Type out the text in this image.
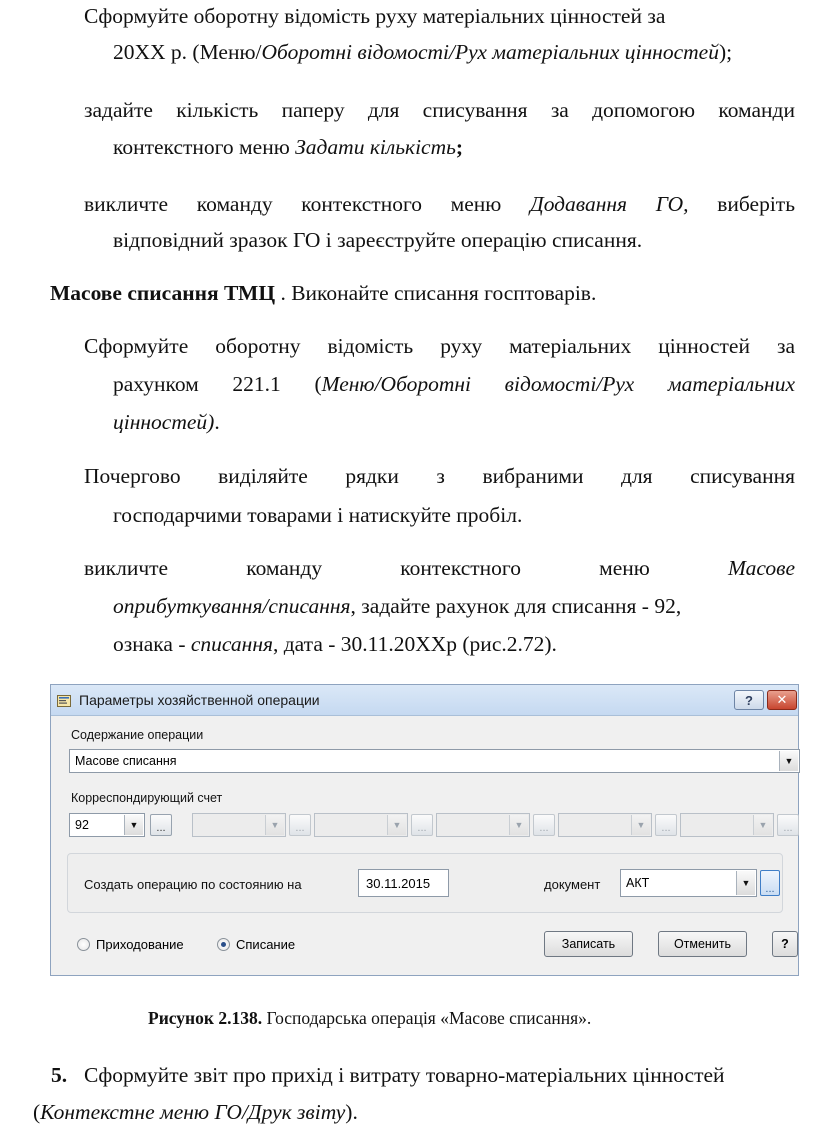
Сформуйте оборотну відомість руху матеріальних цінностей за
20ХХ р. (Меню/Оборотні відомості/Рух матеріальних цінностей);
задайте кількість паперу для списування за допомогою команди
контекстного меню Задати кількість;
викличте команду контекстного меню Додавання ГО, виберіть
відповідний зразок ГО і зареєструйте операцію списання.
Масове списання ТМЦ . Виконайте списання госптоварів.
Сформуйте оборотну відомість руху матеріальних цінностей за
рахунком 221.1 (Меню/Оборотні відомості/Рух матеріальних
цінностей).
Почергово виділяйте рядки з вибраними для списування
господарчими товарами і натискуйте пробіл.
викличте команду контекстного меню Масове
оприбуткування/списання, задайте рахунок для списання - 92,
ознака - списання, дата - 30.11.20ХХр (рис.2.72).
Параметры хозяйственной операции	?	✕
Содержание операции
Масове списання	▼
Корреспондирующий счет
92	▼	...	▼	...	▼	...	▼	...	▼	...	▼	...
Создать операцию по состоянию на	30.11.2015	документ АКТ	▼	...
Приходование	Списание	Записать	Отменить	?
Рисунок 2.138. Господарська операція «Масове списання».
5. Сформуйте звіт про прихід і витрату товарно-матеріальних цінностей
(Контекстне меню ГО/Друк звіту).
